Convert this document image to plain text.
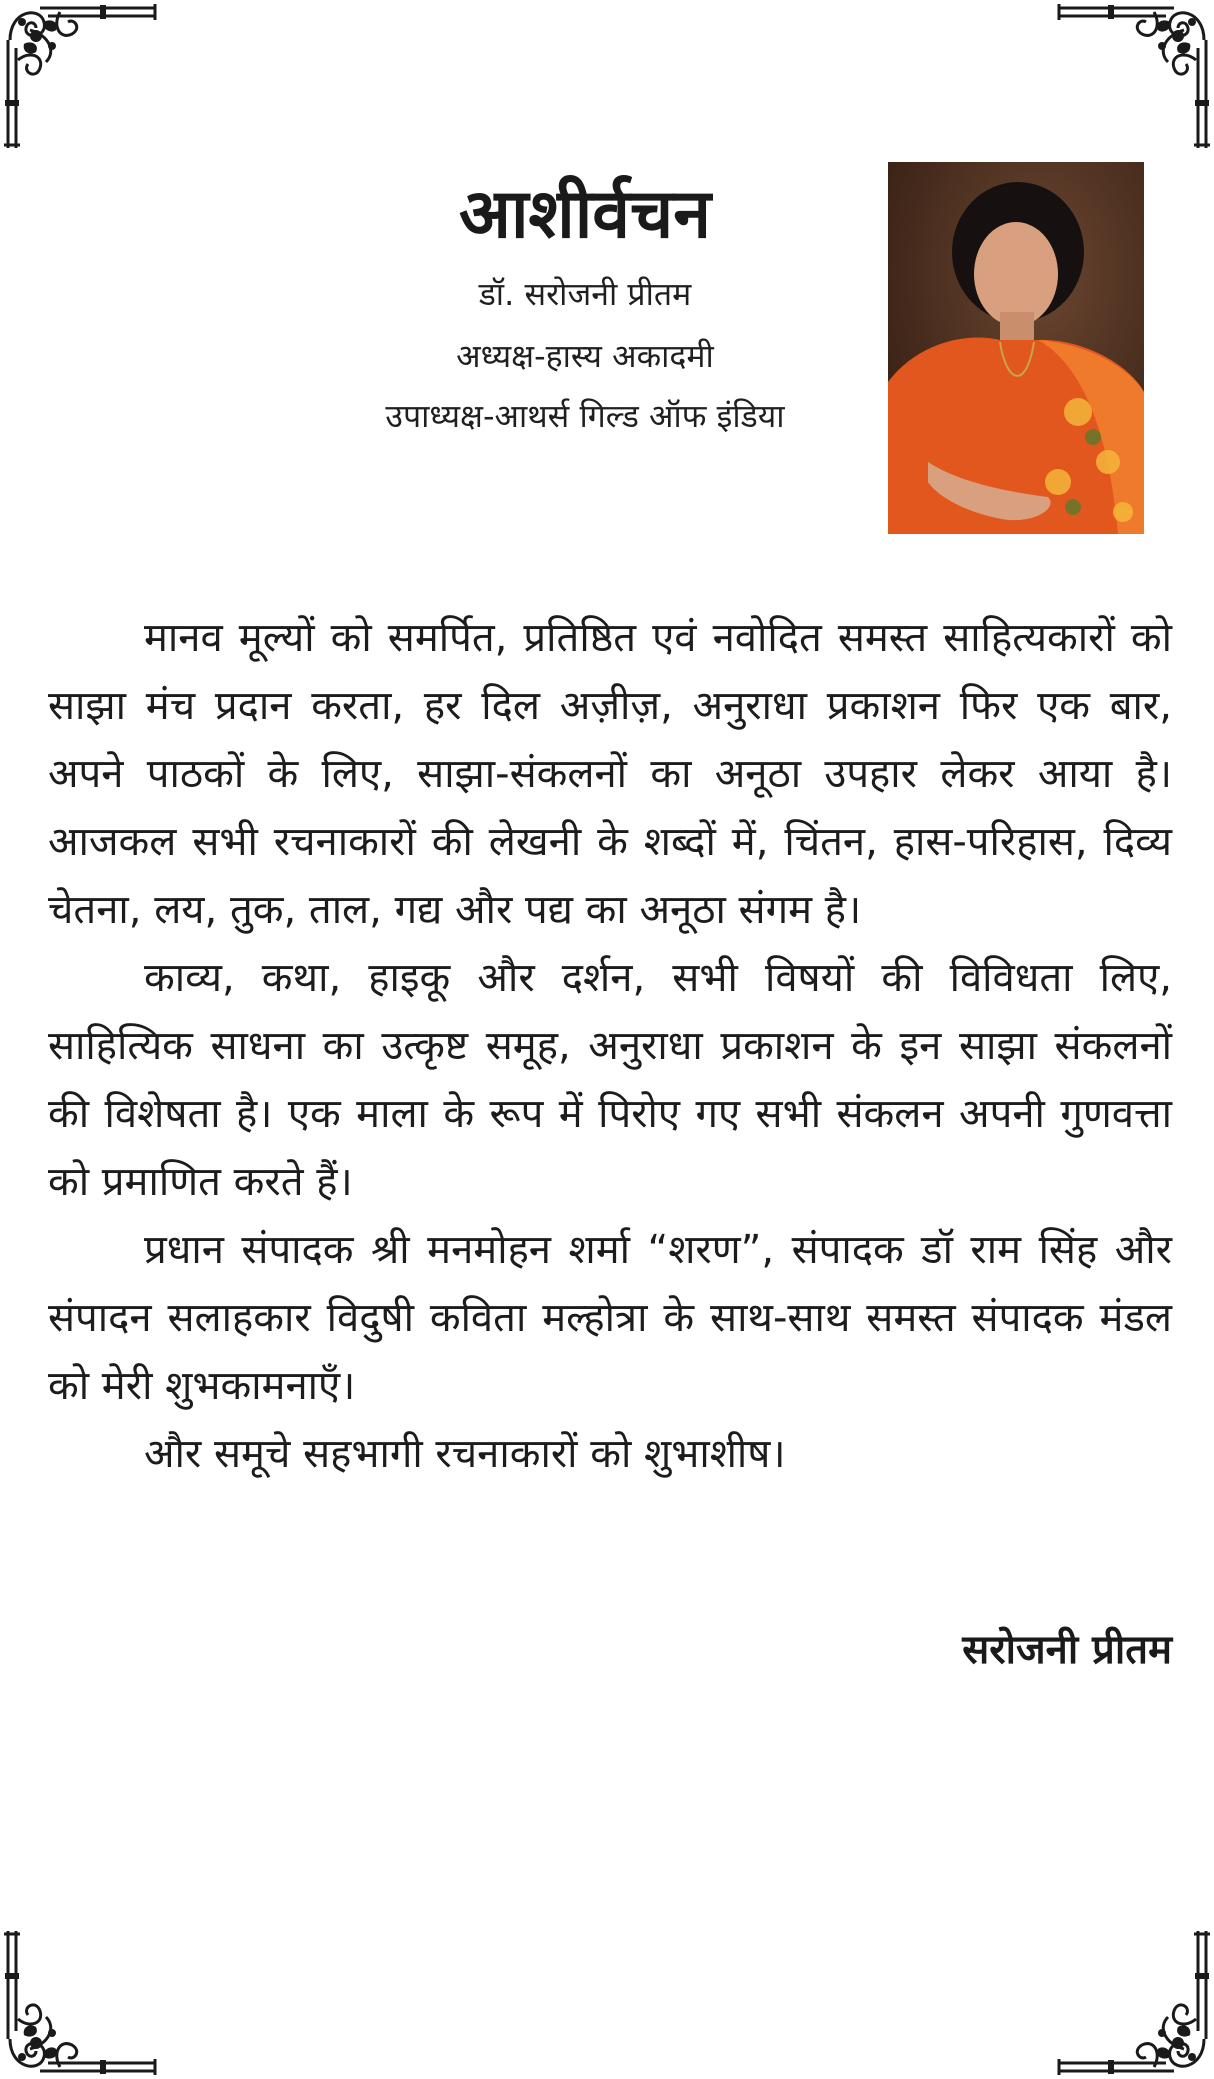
आशीर्वचन

डॉ. सरोजनी प्रीतम

अध्यक्ष-हास्य अकादमी

उपाध्यक्ष-आथर्स गिल्ड ऑफ इंडिया

मानव मूल्यों को समर्पित, प्रतिष्ठित एवं नवोदित समस्त साहित्यकारों को साझा मंच प्रदान करता, हर दिल अज़ीज़, अनुराधा प्रकाशन फिर एक बार, अपने पाठकों के लिए, साझा-संकलनों का अनूठा उपहार लेकर आया है। आजकल सभी रचनाकारों की लेखनी के शब्दों में, चिंतन, हास-परिहास, दिव्य चेतना, लय, तुक, ताल, गद्य और पद्य का अनूठा संगम है।

काव्य, कथा, हाइकू और दर्शन, सभी विषयों की विविधता लिए, साहित्यिक साधना का उत्कृष्ट समूह, अनुराधा प्रकाशन के इन साझा संकलनों की विशेषता है। एक माला के रूप में पिरोए गए सभी संकलन अपनी गुणवत्ता को प्रमाणित करते हैं।

प्रधान संपादक श्री मनमोहन शर्मा “शरण”, संपादक डॉ राम सिंह और संपादन सलाहकार विदुषी कविता मल्होत्रा के साथ-साथ समस्त संपादक मंडल को मेरी शुभकामनाएँ।

और समूचे सहभागी रचनाकारों को शुभाशीष।

सरोजनी प्रीतम
